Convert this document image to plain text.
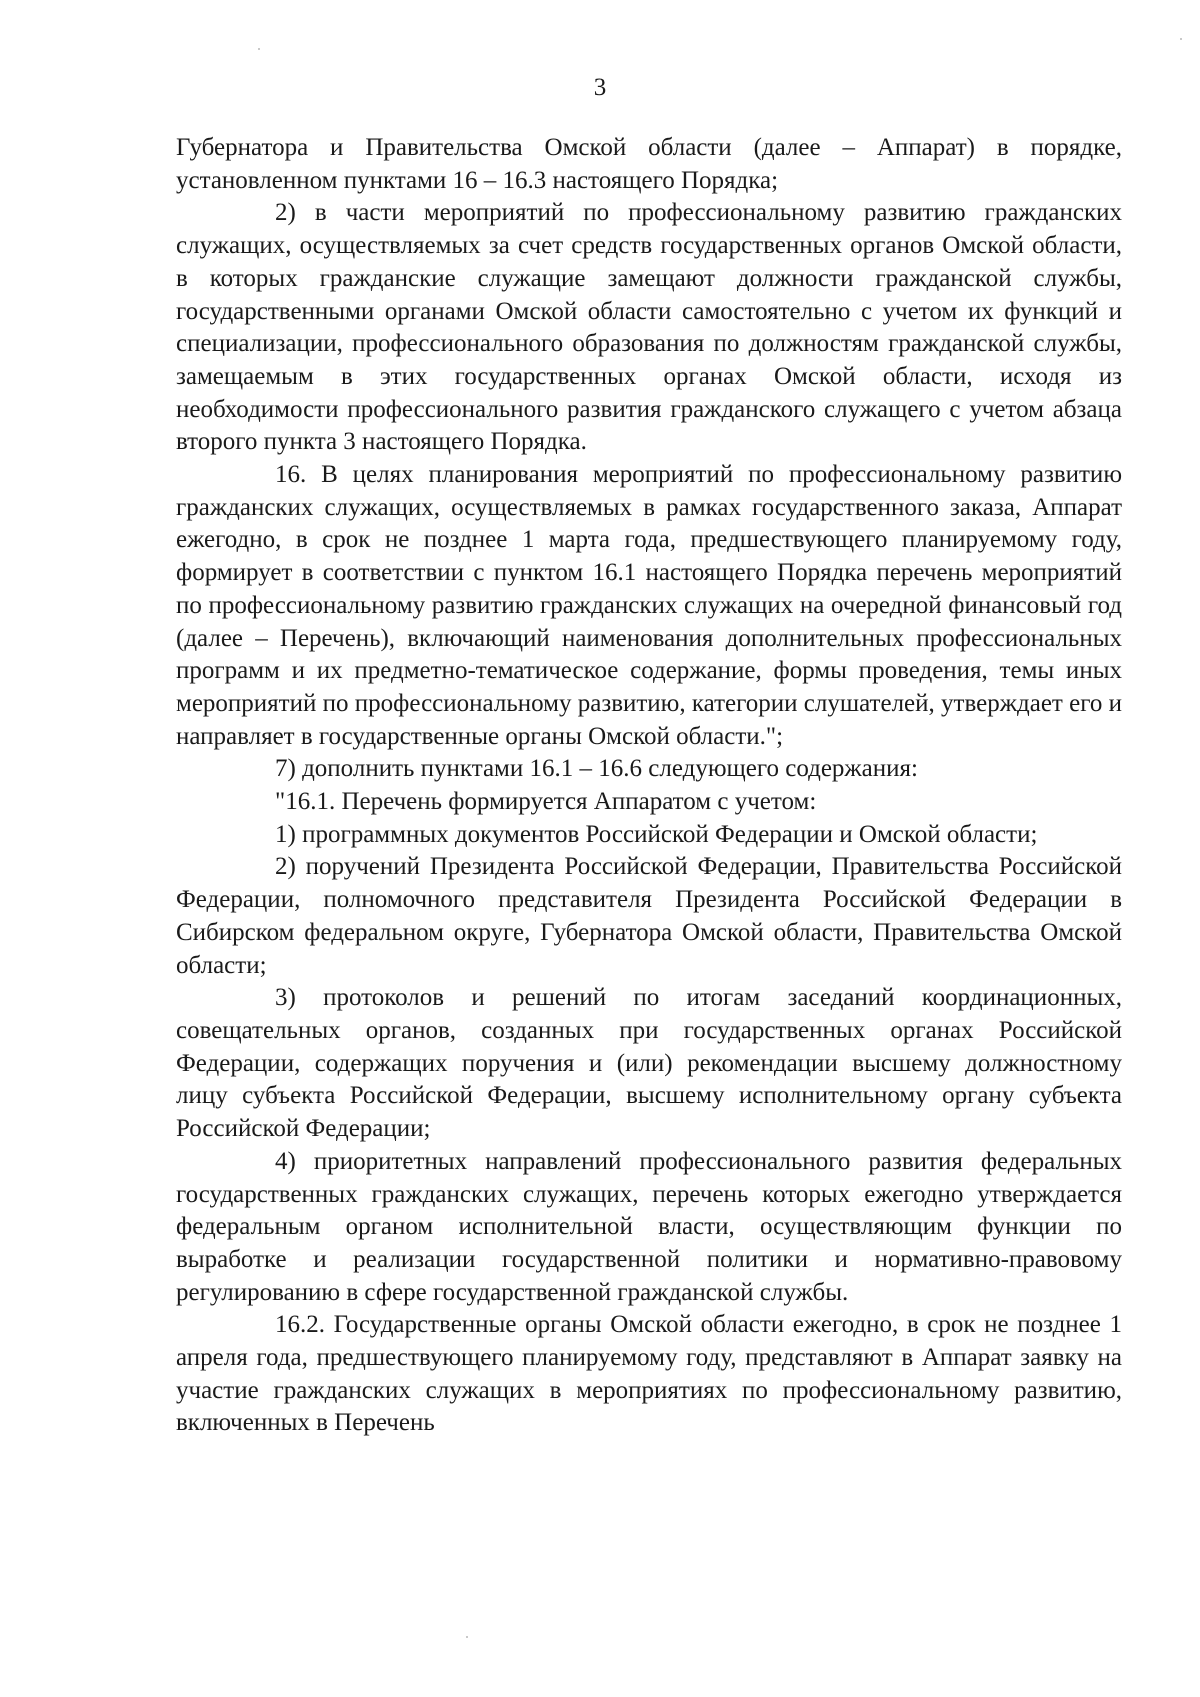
3

Губернатора и Правительства Омской области (далее – Аппарат) в порядке, установленном пунктами 16 – 16.3 настоящего Порядка;

2) в части мероприятий по профессиональному развитию гражданских служащих, осуществляемых за счет средств государственных органов Омской области, в которых гражданские служащие замещают должности гражданской службы, государственными органами Омской области самостоятельно с учетом их функций и специализации, профессионального образования по должностям гражданской службы, замещаемым в этих государственных органах Омской области, исходя из необходимости профессионального развития гражданского служащего с учетом абзаца второго пункта 3 настоящего Порядка.

16. В целях планирования мероприятий по профессиональному развитию гражданских служащих, осуществляемых в рамках государственного заказа, Аппарат ежегодно, в срок не позднее 1 марта года, предшествующего планируемому году, формирует в соответствии с пунктом 16.1 настоящего Порядка перечень мероприятий по профессиональному развитию гражданских служащих на очередной финансовый год (далее – Перечень), включающий наименования дополнительных профессиональных программ и их предметно-тематическое содержание, формы проведения, темы иных мероприятий по профессиональному развитию, категории слушателей, утверждает его и направляет в государственные органы Омской области.";

7) дополнить пунктами 16.1 – 16.6 следующего содержания:

"16.1. Перечень формируется Аппаратом с учетом:

1) программных документов Российской Федерации и Омской области;

2) поручений Президента Российской Федерации, Правительства Российской Федерации, полномочного представителя Президента Российской Федерации в Сибирском федеральном округе, Губернатора Омской области, Правительства Омской области;

3) протоколов и решений по итогам заседаний координационных, совещательных органов, созданных при государственных органах Российской Федерации, содержащих поручения и (или) рекомендации высшему должностному лицу субъекта Российской Федерации, высшему исполнительному органу субъекта Российской Федерации;

4) приоритетных направлений профессионального развития федеральных государственных гражданских служащих, перечень которых ежегодно утверждается федеральным органом исполнительной власти, осуществляющим функции по выработке и реализации государственной политики и нормативно-правовому регулированию в сфере государственной гражданской службы.

16.2. Государственные органы Омской области ежегодно, в срок не позднее 1 апреля года, предшествующего планируемому году, представляют в Аппарат заявку на участие гражданских служащих в мероприятиях по профессиональному развитию, включенных в Перечень
